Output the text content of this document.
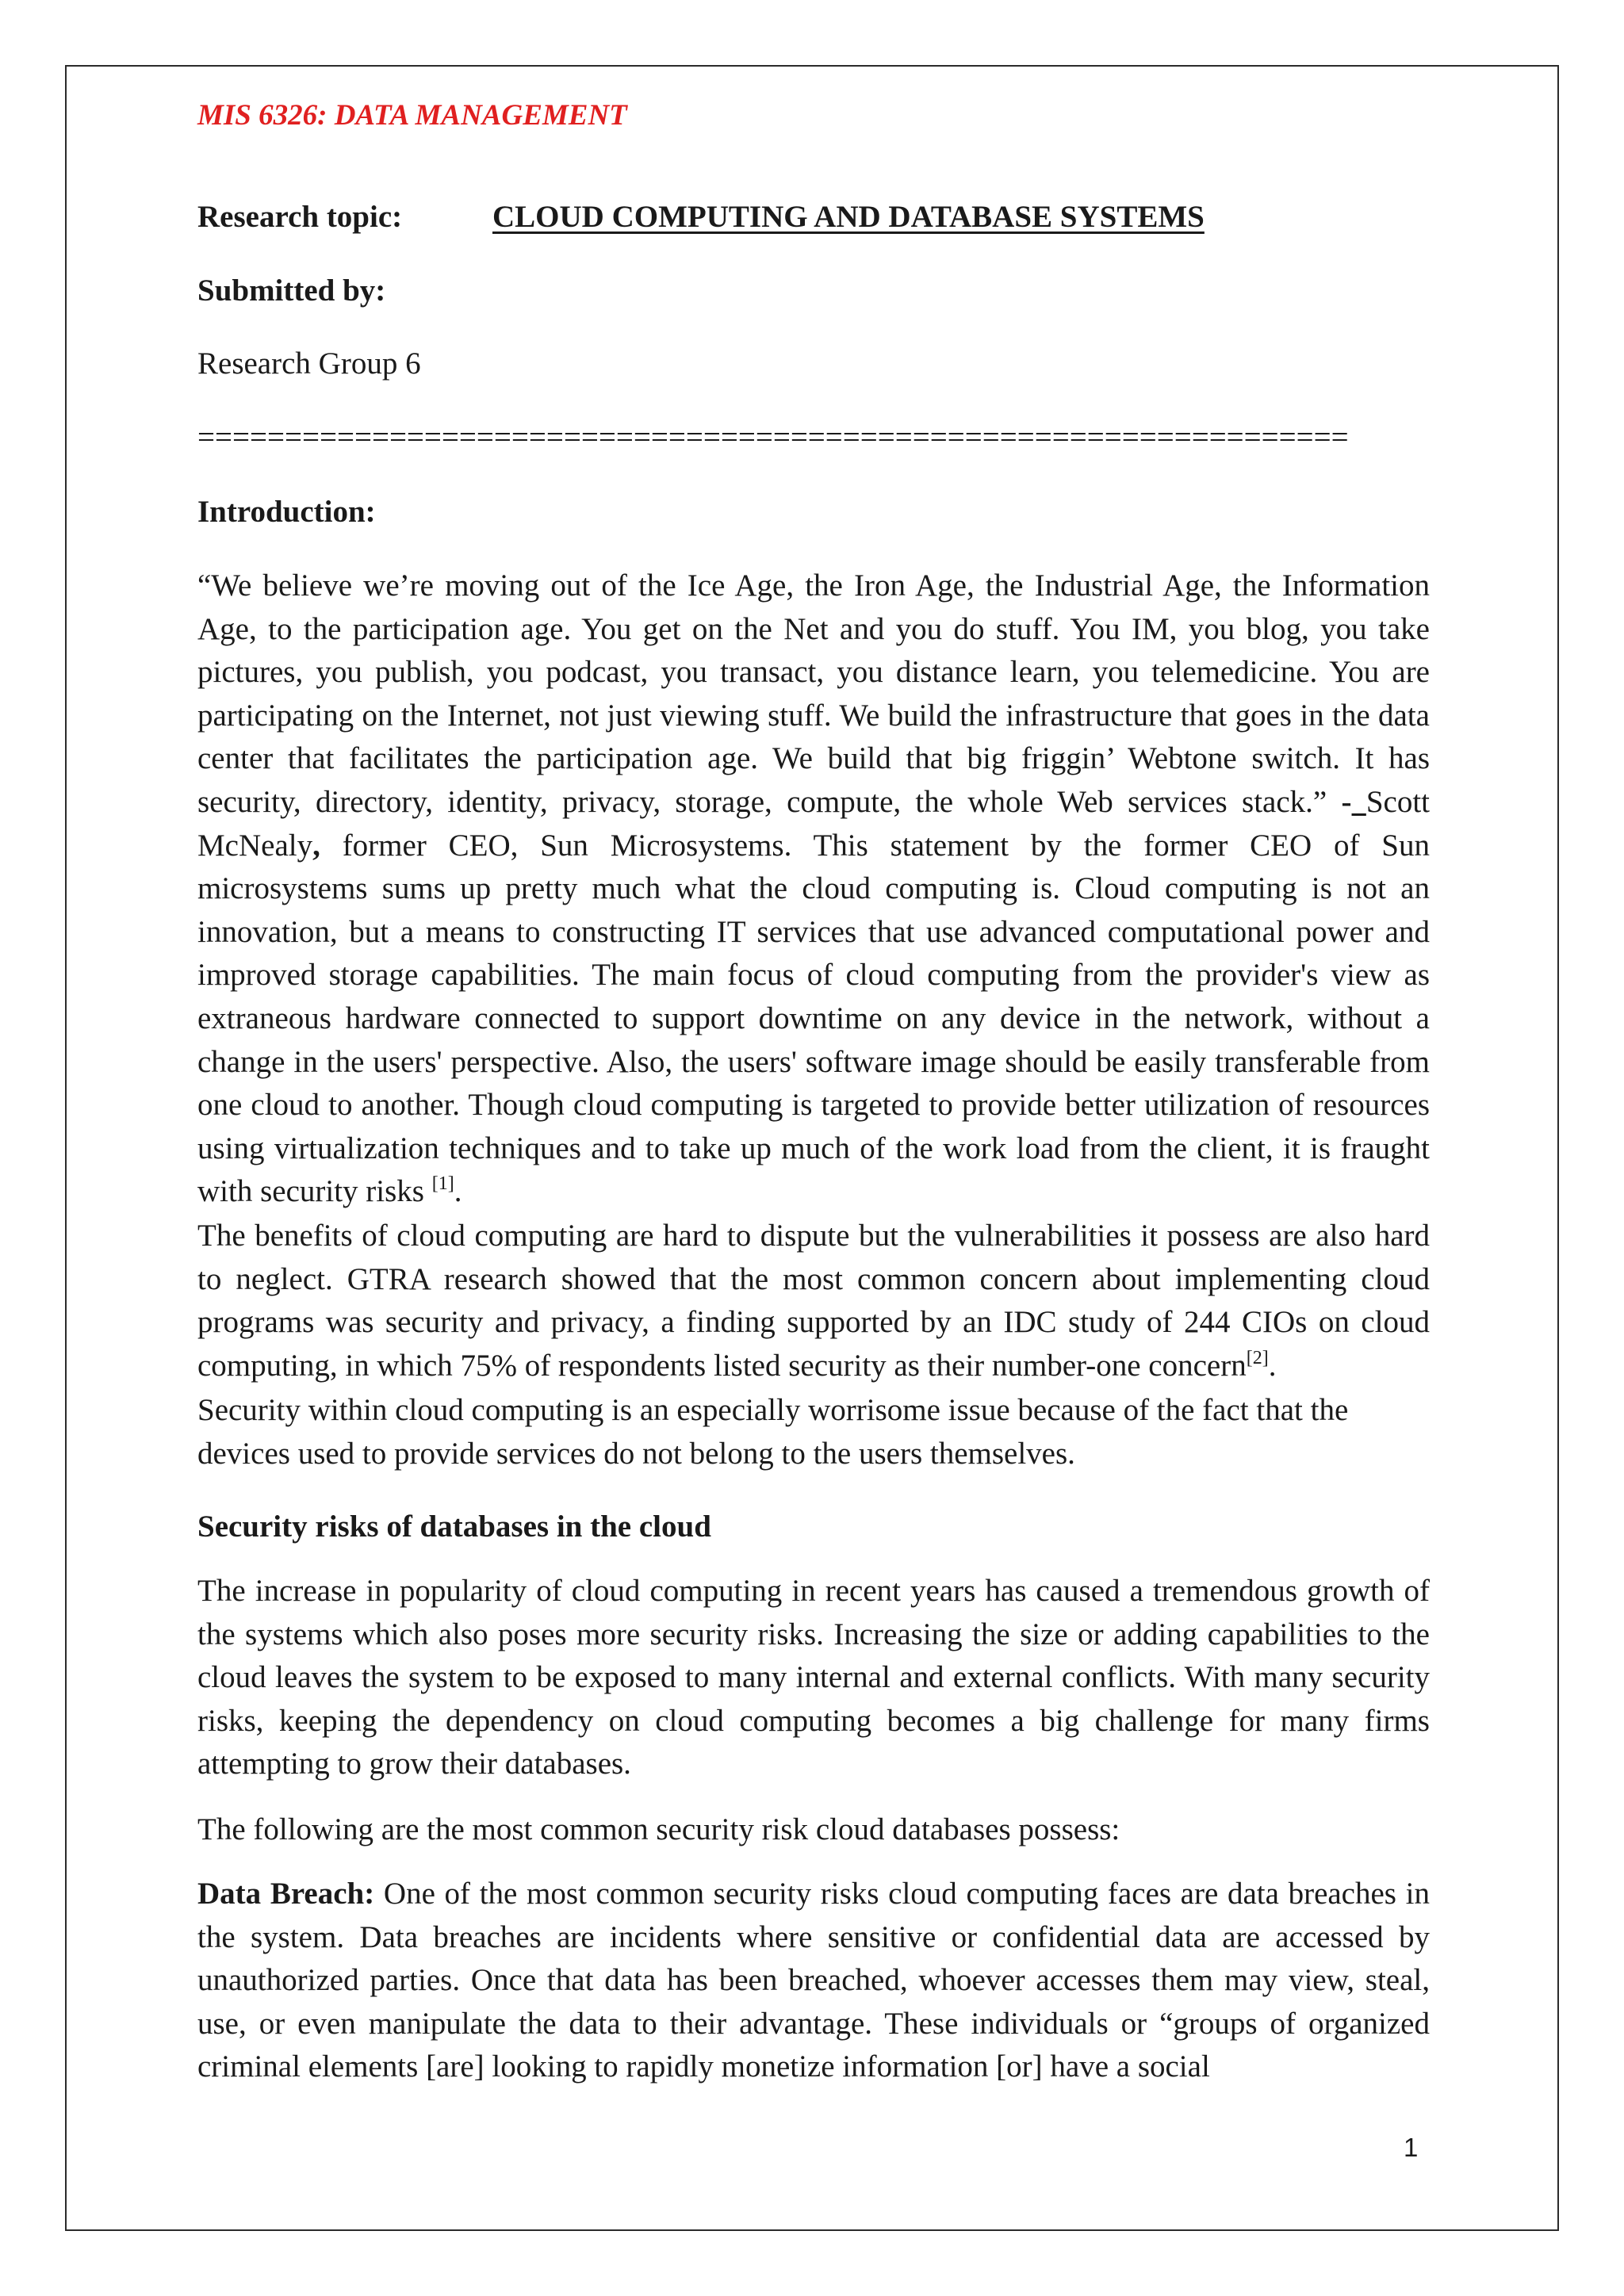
MIS 6326: DATA MANAGEMENT
Research topic:	CLOUD COMPUTING AND DATABASE SYSTEMS
Submitted by:
Research Group 6
==================================================================
Introduction:

“We believe we’re moving out of the Ice Age, the Iron Age, the Industrial Age, the Information Age, to the participation age. You get on the Net and you do stuff. You IM, you blog, you take pictures, you publish, you podcast, you transact, you distance learn, you telemedicine. You are participating on the Internet, not just viewing stuff. We build the infrastructure that goes in the data center that facilitates the participation age. We build that big friggin’ Webtone switch. It has security, directory, identity, privacy, storage, compute, the whole Web services stack.” - Scott McNealy, former CEO, Sun Microsystems. This statement by the former CEO of Sun microsystems sums up pretty much what the cloud computing is. Cloud computing is not an innovation, but a means to constructing IT services that use advanced computational power and improved storage capabilities. The main focus of cloud computing from the provider's view as extraneous hardware connected to support downtime on any device in the network, without a change in the users' perspective. Also, the users' software image should be easily transferable from one cloud to another. Though cloud computing is targeted to provide better utilization of resources using virtualization techniques and to take up much of the work load from the client, it is fraught with security risks [1].

The benefits of cloud computing are hard to dispute but the vulnerabilities it possess are also hard to neglect. GTRA research showed that the most common concern about implementing cloud programs was security and privacy, a finding supported by an IDC study of 244 CIOs on cloud computing, in which 75% of respondents listed security as their number-one concern[2].

Security within cloud computing is an especially worrisome issue because of the fact that the
devices used to provide services do not belong to the users themselves.
Security risks of databases in the cloud

The increase in popularity of cloud computing in recent years has caused a tremendous growth of the systems which also poses more security risks. Increasing the size or adding capabilities to the cloud leaves the system to be exposed to many internal and external conflicts. With many security risks, keeping the dependency on cloud computing becomes a big challenge for many firms attempting to grow their databases.

The following are the most common security risk cloud databases possess:

Data Breach: One of the most common security risks cloud computing faces are data breaches in the system. Data breaches are incidents where sensitive or confidential data are accessed by unauthorized parties. Once that data has been breached, whoever accesses them may view, steal, use, or even manipulate the data to their advantage. These individuals or “groups of organized criminal elements [are] looking to rapidly monetize information [or] have a social

1
